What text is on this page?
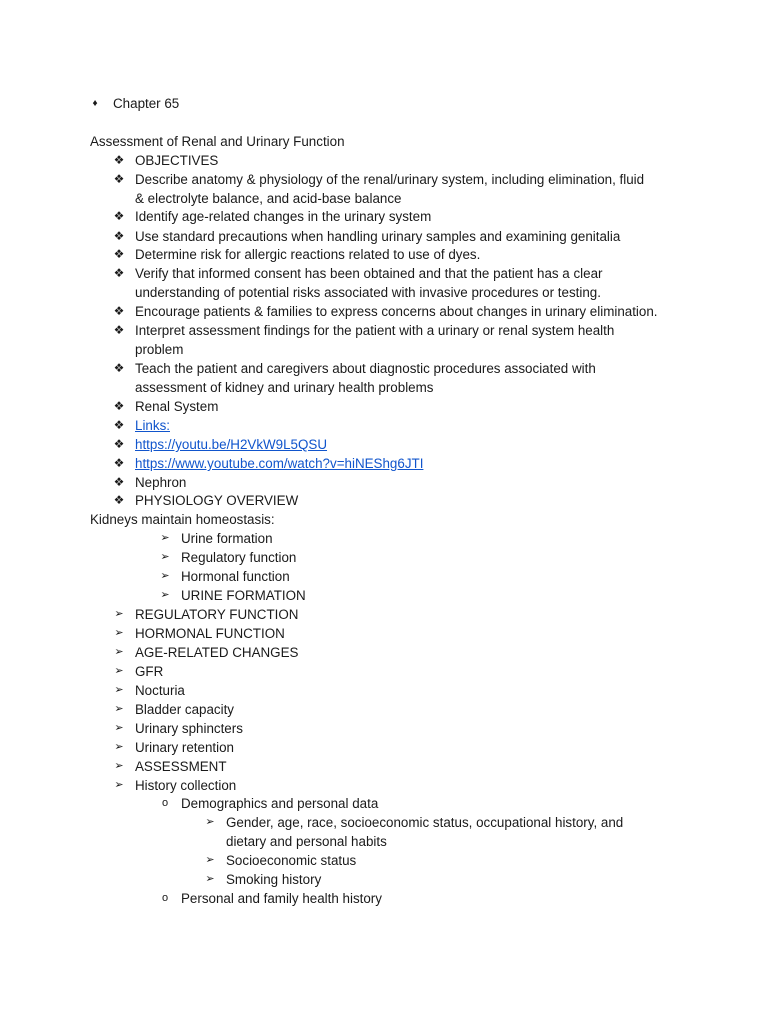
♦	Chapter 65
Assessment of Renal and Urinary Function
❖ OBJECTIVES
❖ Describe anatomy & physiology of the renal/urinary system, including elimination, fluid
& electrolyte balance, and acid-base balance
❖ Identify age-related changes in the urinary system
❖ Use standard precautions when handling urinary samples and examining genitalia
❖ Determine risk for allergic reactions related to use of dyes.
❖ Verify that informed consent has been obtained and that the patient has a clear
understanding of potential risks associated with invasive procedures or testing.
❖ Encourage patients & families to express concerns about changes in urinary elimination.
❖ Interpret assessment findings for the patient with a urinary or renal system health
problem
❖ Teach the patient and caregivers about diagnostic procedures associated with
assessment of kidney and urinary health problems
❖ Renal System
❖ Links:
❖ https://youtu.be/H2VkW9L5QSU
❖ https://www.youtube.com/watch?v=hiNEShg6JTI
❖ Nephron
❖ PHYSIOLOGY OVERVIEW
Kidneys maintain homeostasis:
➢ Urine formation
➢ Regulatory function
➢ Hormonal function
➢ URINE FORMATION
➢ REGULATORY FUNCTION
➢ HORMONAL FUNCTION
➢ AGE-RELATED CHANGES
➢ GFR
➢ Nocturia
➢ Bladder capacity
➢ Urinary sphincters
➢ Urinary retention
➢ ASSESSMENT
➢ History collection
o Demographics and personal data
➢ Gender, age, race, socioeconomic status, occupational history, and
dietary and personal habits
➢ Socioeconomic status
➢ Smoking history
o Personal and family health history
